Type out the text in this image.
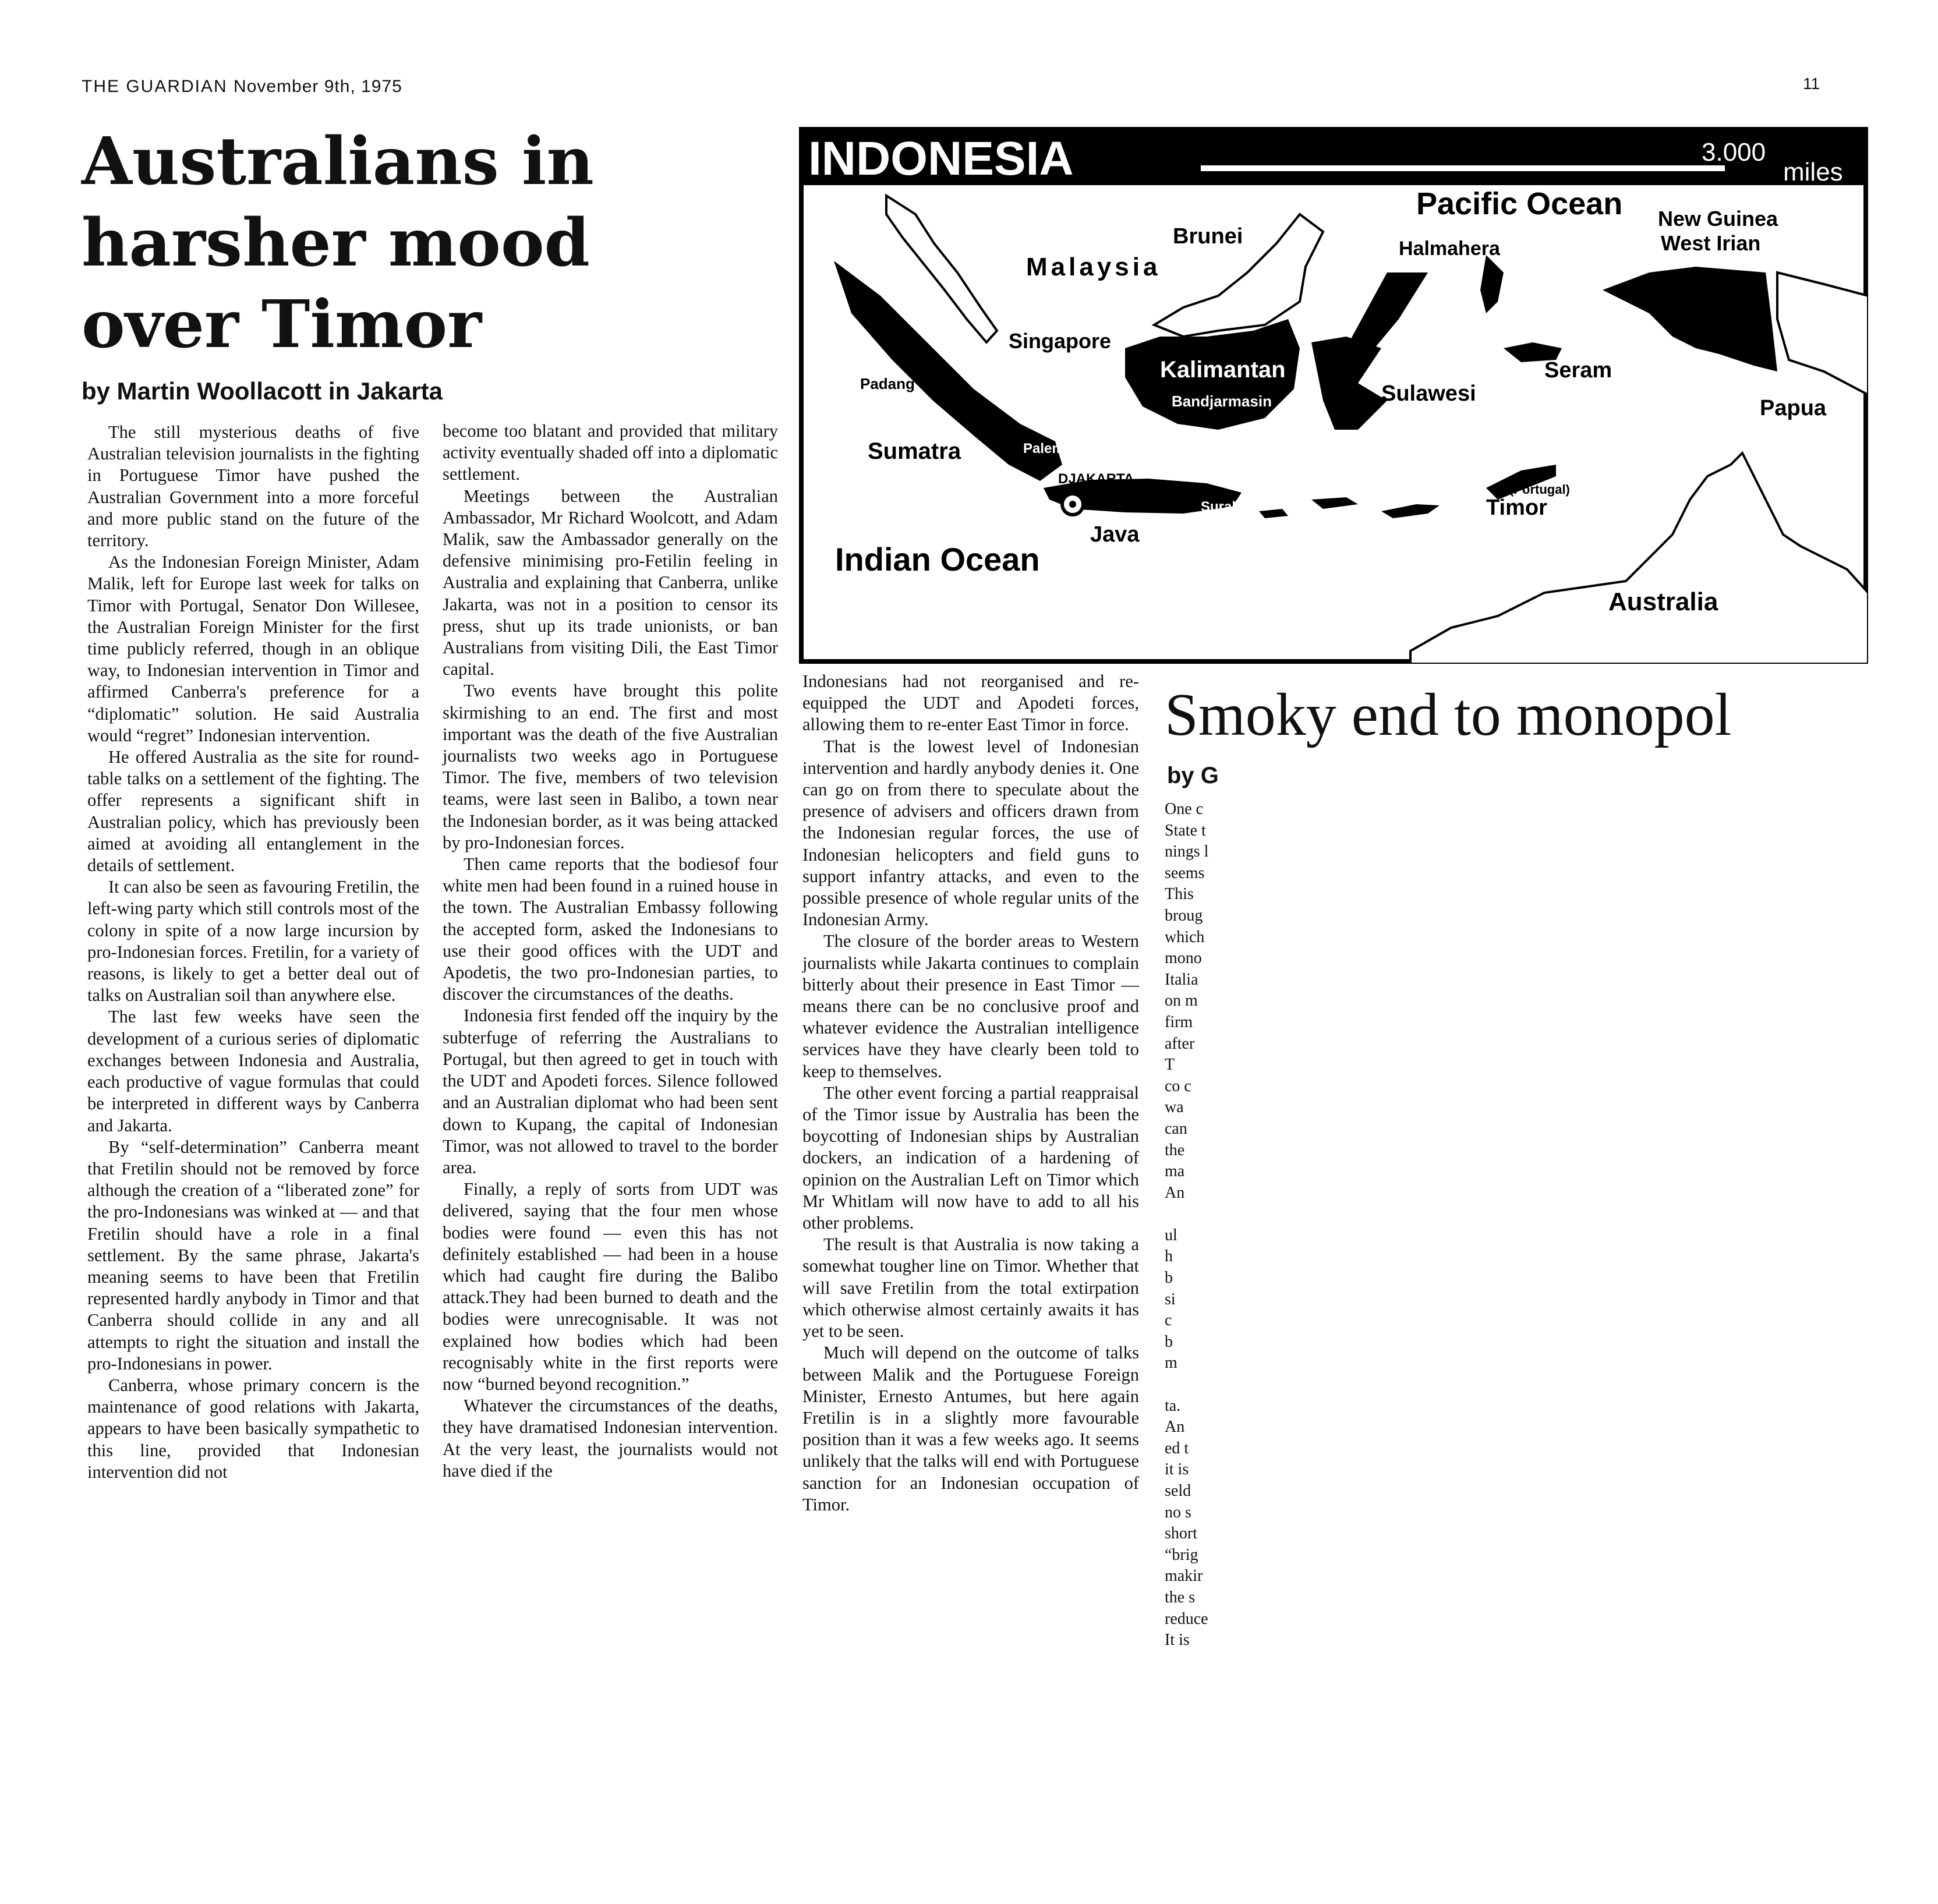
THE GUARDIAN November 9th, 1975	11
Australians in
harsher mood
over Timor
by Martin Woollacott in Jakarta

The still mysterious deaths of five Australian television journalists in the fighting in Portuguese Timor have pushed the Australian Government into a more forceful and more public stand on the future of the territory.

As the Indonesian Foreign Minister, Adam Malik, left for Europe last week for talks on Timor with Portugal, Senator Don Willesee, the Australian Foreign Minister for the first time publicly referred, though in an oblique way, to Indonesian intervention in Timor and affirmed Canberra's preference for a “diplomatic” solution. He said Australia would “regret” Indonesian intervention.

He offered Australia as the site for round-table talks on a settlement of the fighting. The offer represents a significant shift in Australian policy, which has previously been aimed at avoiding all entanglement in the details of settlement.

It can also be seen as favouring Fretilin, the left-wing party which still controls most of the colony in spite of a now large incursion by pro-Indonesian forces. Fretilin, for a variety of reasons, is likely to get a better deal out of talks on Australian soil than anywhere else.

The last few weeks have seen the development of a curious series of diplomatic exchanges between Indonesia and Australia, each productive of vague formulas that could be interpreted in different ways by Canberra and Jakarta.

By “self-determination” Canberra meant that Fretilin should not be removed by force although the creation of a “liberated zone” for the pro-Indonesians was winked at — and that Fretilin should have a role in a final settlement. By the same phrase, Jakarta's meaning seems to have been that Fretilin represented hardly anybody in Timor and that Canberra should collide in any and all attempts to right the situation and install the pro-Indonesians in power.

Canberra, whose primary concern is the maintenance of good relations with Jakarta, appears to have been basically sympathetic to this line, provided that Indonesian intervention did not

become too blatant and provided that military activity eventually shaded off into a diplomatic settlement.

Meetings between the Australian Ambassador, Mr Richard Woolcott, and Adam Malik, saw the Ambassador generally on the defensive minimising pro-Fetilin feeling in Australia and explaining that Canberra, unlike Jakarta, was not in a position to censor its press, shut up its trade unionists, or ban Australians from visiting Dili, the East Timor capital.

Two events have brought this polite skirmishing to an end. The first and most important was the death of the five Australian journalists two weeks ago in Portuguese Timor. The five, members of two television teams, were last seen in Balibo, a town near the Indonesian border, as it was being attacked by pro-Indonesian forces.

Then came reports that the bodiesof four white men had been found in a ruined house in the town. The Australian Embassy following the accepted form, asked the Indonesians to use their good offices with the UDT and Apodetis, the two pro-Indonesian parties, to discover the circumstances of the deaths.

Indonesia first fended off the inquiry by the subterfuge of referring the Australians to Portugal, but then agreed to get in touch with the UDT and Apodeti forces. Silence followed and an Australian diplomat who had been sent down to Kupang, the capital of Indonesian Timor, was not allowed to travel to the border area.

Finally, a reply of sorts from UDT was delivered, saying that the four men whose bodies were found — even this has not definitely established — had been in a house which had caught fire during the Balibo attack.They had been burned to death and the bodies were unrecognisable. It was not explained how bodies which had been recognisably white in the first reports were now “burned beyond recognition.”

Whatever the circumstances of the deaths, they have dramatised Indonesian intervention. At the very least, the journalists would not have died if the

Indonesians had not reorganised and re-equipped the UDT and Apodeti forces, allowing them to re-enter East Timor in force.

That is the lowest level of Indonesian intervention and hardly anybody denies it. One can go on from there to speculate about the presence of advisers and officers drawn from the Indonesian regular forces, the use of Indonesian helicopters and field guns to support infantry attacks, and even to the possible presence of whole regular units of the Indonesian Army.

The closure of the border areas to Western journalists while Jakarta continues to complain bitterly about their presence in East Timor — means there can be no conclusive proof and whatever evidence the Australian intelligence services have they have clearly been told to keep to themselves.

The other event forcing a partial reappraisal of the Timor issue by Australia has been the boycotting of Indonesian ships by Australian dockers, an indication of a hardening of opinion on the Australian Left on Timor which Mr Whitlam will now have to add to all his other problems.

The result is that Australia is now taking a somewhat tougher line on Timor. Whether that will save Fretilin from the total extirpation which otherwise almost certainly awaits it has yet to be seen.

Much will depend on the outcome of talks between Malik and the Portuguese Foreign Minister, Ernesto Antumes, but here again Fretilin is in a slightly more favourable position than it was a few weeks ago. It seems unlikely that the talks will end with Portuguese sanction for an Indonesian occupation of Timor.

Smoky end to monopol
by G

One c

State t

nings l

seems

This

broug

which

mono

Italia

on m

firm

after

T

co c

wa

can

the

ma

An

ul

h

b

si

c

b

m

ta.

An

ed t

it is

seld

no s

short

“brig

makir

the s

reduce

It is

INDONESIA	3.000
miles
Pacific Ocean New Guinea
West Irian
Brunei	Halmahera
Malaysia
Singapore
Kalimantan
Bandjarmasin	Sulawesi
Seram
Padang
Papua
Sumatra	Palembang
DJAKARTA
Surabaja
(Portugal)
Timor
Java
Indian Ocean
Australia
